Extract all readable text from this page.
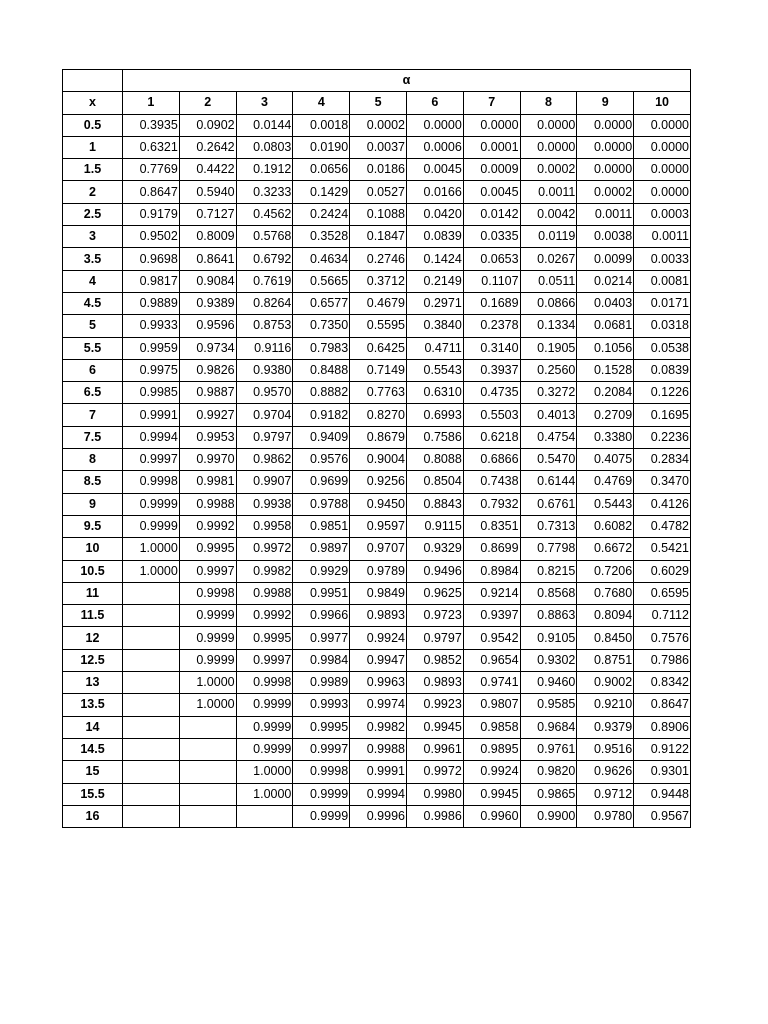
	α									
x	1	2	3	4	5	6	7	8	9	10
0.5	0.3935	0.0902	0.0144	0.0018	0.0002	0.0000	0.0000	0.0000	0.0000	0.0000
1	0.6321	0.2642	0.0803	0.0190	0.0037	0.0006	0.0001	0.0000	0.0000	0.0000
1.5	0.7769	0.4422	0.1912	0.0656	0.0186	0.0045	0.0009	0.0002	0.0000	0.0000
2	0.8647	0.5940	0.3233	0.1429	0.0527	0.0166	0.0045	0.0011	0.0002	0.0000
2.5	0.9179	0.7127	0.4562	0.2424	0.1088	0.0420	0.0142	0.0042	0.0011	0.0003
3	0.9502	0.8009	0.5768	0.3528	0.1847	0.0839	0.0335	0.0119	0.0038	0.0011
3.5	0.9698	0.8641	0.6792	0.4634	0.2746	0.1424	0.0653	0.0267	0.0099	0.0033
4	0.9817	0.9084	0.7619	0.5665	0.3712	0.2149	0.1107	0.0511	0.0214	0.0081
4.5	0.9889	0.9389	0.8264	0.6577	0.4679	0.2971	0.1689	0.0866	0.0403	0.0171
5	0.9933	0.9596	0.8753	0.7350	0.5595	0.3840	0.2378	0.1334	0.0681	0.0318
5.5	0.9959	0.9734	0.9116	0.7983	0.6425	0.4711	0.3140	0.1905	0.1056	0.0538
6	0.9975	0.9826	0.9380	0.8488	0.7149	0.5543	0.3937	0.2560	0.1528	0.0839
6.5	0.9985	0.9887	0.9570	0.8882	0.7763	0.6310	0.4735	0.3272	0.2084	0.1226
7	0.9991	0.9927	0.9704	0.9182	0.8270	0.6993	0.5503	0.4013	0.2709	0.1695
7.5	0.9994	0.9953	0.9797	0.9409	0.8679	0.7586	0.6218	0.4754	0.3380	0.2236
8	0.9997	0.9970	0.9862	0.9576	0.9004	0.8088	0.6866	0.5470	0.4075	0.2834
8.5	0.9998	0.9981	0.9907	0.9699	0.9256	0.8504	0.7438	0.6144	0.4769	0.3470
9	0.9999	0.9988	0.9938	0.9788	0.9450	0.8843	0.7932	0.6761	0.5443	0.4126
9.5	0.9999	0.9992	0.9958	0.9851	0.9597	0.9115	0.8351	0.7313	0.6082	0.4782
10	1.0000	0.9995	0.9972	0.9897	0.9707	0.9329	0.8699	0.7798	0.6672	0.5421
10.5	1.0000	0.9997	0.9982	0.9929	0.9789	0.9496	0.8984	0.8215	0.7206	0.6029
11		0.9998	0.9988	0.9951	0.9849	0.9625	0.9214	0.8568	0.7680	0.6595
11.5		0.9999	0.9992	0.9966	0.9893	0.9723	0.9397	0.8863	0.8094	0.7112
12		0.9999	0.9995	0.9977	0.9924	0.9797	0.9542	0.9105	0.8450	0.7576
12.5		0.9999	0.9997	0.9984	0.9947	0.9852	0.9654	0.9302	0.8751	0.7986
13		1.0000	0.9998	0.9989	0.9963	0.9893	0.9741	0.9460	0.9002	0.8342
13.5		1.0000	0.9999	0.9993	0.9974	0.9923	0.9807	0.9585	0.9210	0.8647
14			0.9999	0.9995	0.9982	0.9945	0.9858	0.9684	0.9379	0.8906
14.5			0.9999	0.9997	0.9988	0.9961	0.9895	0.9761	0.9516	0.9122
15			1.0000	0.9998	0.9991	0.9972	0.9924	0.9820	0.9626	0.9301
15.5			1.0000	0.9999	0.9994	0.9980	0.9945	0.9865	0.9712	0.9448
16				0.9999	0.9996	0.9986	0.9960	0.9900	0.9780	0.9567
